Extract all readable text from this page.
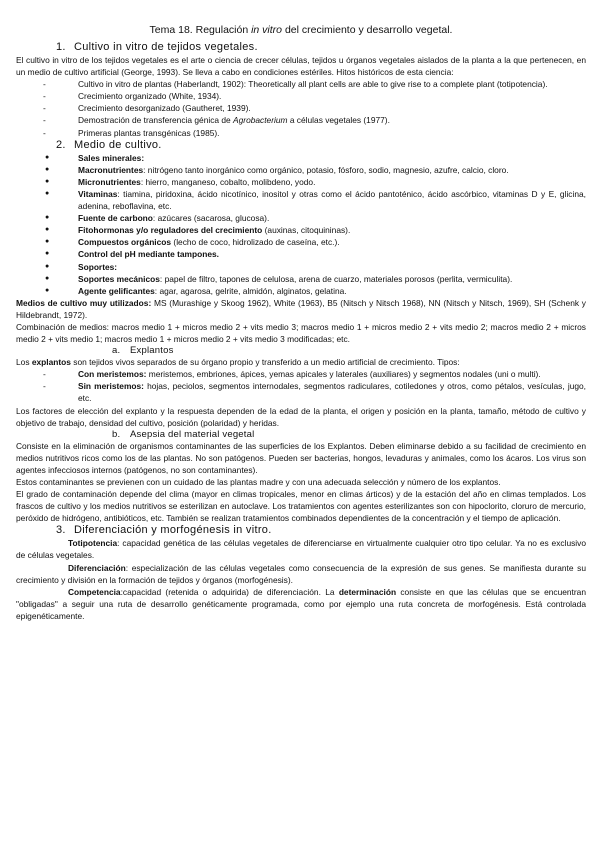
Tema 18. Regulación in vitro del crecimiento y desarrollo vegetal.
1. Cultivo in vitro de tejidos vegetales.

El cultivo in vitro de los tejidos vegetales es el arte o ciencia de crecer células, tejidos u órganos vegetales aislados de la planta a la que pertenecen, en un medio de cultivo artificial (George, 1993). Se lleva a cabo en condiciones estériles. Hitos históricos de esta ciencia:

-	Cultivo in vitro de plantas (Haberlandt, 1902): Theoretically all plant cells are able to give rise to a complete plant (totipotencia).
-	Crecimiento organizado (White, 1934).
-	Crecimiento desorganizado (Gautheret, 1939).
-	Demostración de transferencia génica de Agrobacterium a células vegetales (1977).
-	Primeras plantas transgénicas (1985).
2. Medio de cultivo.
●	Sales minerales:
●	Macronutrientes: nitrógeno tanto inorgánico como orgánico, potasio, fósforo, sodio, magnesio, azufre, calcio, cloro.
●	Micronutrientes: hierro, manganeso, cobalto, molibdeno, yodo.
●	Vitaminas: tiamina, piridoxina, ácido nicotínico, inositol y otras como el ácido pantoténico, ácido ascórbico, vitaminas D y E, glicina, adenina, reboflavina, etc.
●	Fuente de carbono: azúcares (sacarosa, glucosa).
●	Fitohormonas y/o reguladores del crecimiento (auxinas, citoquininas).
●	Compuestos orgánicos (lecho de coco, hidrolizado de caseína, etc.).
●	Control del pH mediante tampones.
●	Soportes:
●	Soportes mecánicos: papel de filtro, tapones de celulosa, arena de cuarzo, materiales porosos (perlita, vermiculita).
●	Agente gelificantes: agar, agarosa, gelrite, almidón, alginatos, gelatina.

Medios de cultivo muy utilizados: MS (Murashige y Skoog 1962), White (1963), B5 (Nitsch y Nitsch 1968), NN (Nitsch y Nitsch, 1969), SH (Schenk y Hildebrandt, 1972).

Combinación de medios: macros medio 1 + micros medio 2 + vits medio 3; macros medio 1 + micros medio 2 + vits medio 2; macros medio 2 + micros medio 2 + vits medio 1; macros medio 1 + micros medio 2 + vits medio 3 modificadas; etc.

a. Explantos

Los explantos son tejidos vivos separados de su órgano propio y transferido a un medio artificial de crecimiento. Tipos:

-	Con meristemos: meristemos, embriones, ápices, yemas apicales y laterales (auxiliares) y segmentos nodales (uni o multi).
-	Sin meristemos: hojas, peciolos, segmentos internodales, segmentos radiculares, cotiledones y otros, como pétalos, vesículas, jugo, etc.

Los factores de elección del explanto y la respuesta dependen de la edad de la planta, el origen y posición en la planta, tamaño, método de cultivo y objetivo de trabajo, densidad del cultivo, posición (polaridad) y heridas.

b. Asepsia del material vegetal

Consiste en la eliminación de organismos contaminantes de las superficies de los Explantos. Deben eliminarse debido a su facilidad de crecimiento en medios nutritivos ricos como los de las plantas. No son patógenos. Pueden ser bacterias, hongos, levaduras y animales, como los ácaros. Los virus son agentes infecciosos internos (patógenos, no son contaminantes).

Estos contaminantes se previenen con un cuidado de las plantas madre y con una adecuada selección y número de los explantos.

El grado de contaminación depende del clima (mayor en climas tropicales, menor en climas árticos) y de la estación del año en climas templados. Los frascos de cultivo y los medios nutritivos se esterilizan en autoclave. Los tratamientos con agentes esterilizantes son con hipoclorito, cloruro de mercurio, peróxido de hidrógeno, antibióticos, etc. También se realizan tratamientos combinados dependientes de la concentración y el tiempo de aplicación.

3. Diferenciación y morfogénesis in vitro.

Totipotencia: capacidad genética de las células vegetales de diferenciarse en virtualmente cualquier otro tipo celular. Ya no es exclusivo de células vegetales.

Diferenciación: especialización de las células vegetales como consecuencia de la expresión de sus genes. Se manifiesta durante su crecimiento y división en la formación de tejidos y órganos (morfogénesis).

Competencia:capacidad (retenida o adquirida) de diferenciación. La determinación consiste en que las células que se encuentran "obligadas" a seguir una ruta de desarrollo genéticamente programada, como por ejemplo una ruta concreta de morfogénesis. Está controlada epigenéticamente.
